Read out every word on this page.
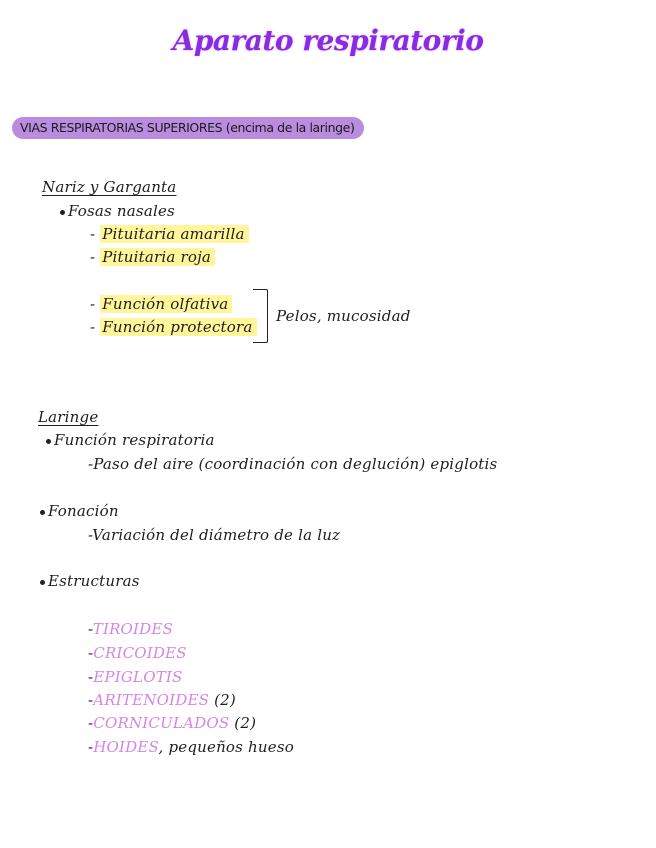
Aparato respiratorio
VIAS RESPIRATORIAS SUPERIORES (encima de la laringe)
Nariz y Garganta
Fosas nasales
- Pituitaria amarilla
- Pituitaria roja
- Función olfativa
- Función protectora
Pelos, mucosidad
Laringe
Función respiratoria
-Paso del aire (coordinación con deglución) epiglotis
Fonación
-Variación del diámetro de la luz
Estructuras
-TIROIDES
-CRICOIDES
-EPIGLOTIS
-ARITENOIDES (2)
-CORNICULADOS (2)
-HOIDES, pequeños hueso
